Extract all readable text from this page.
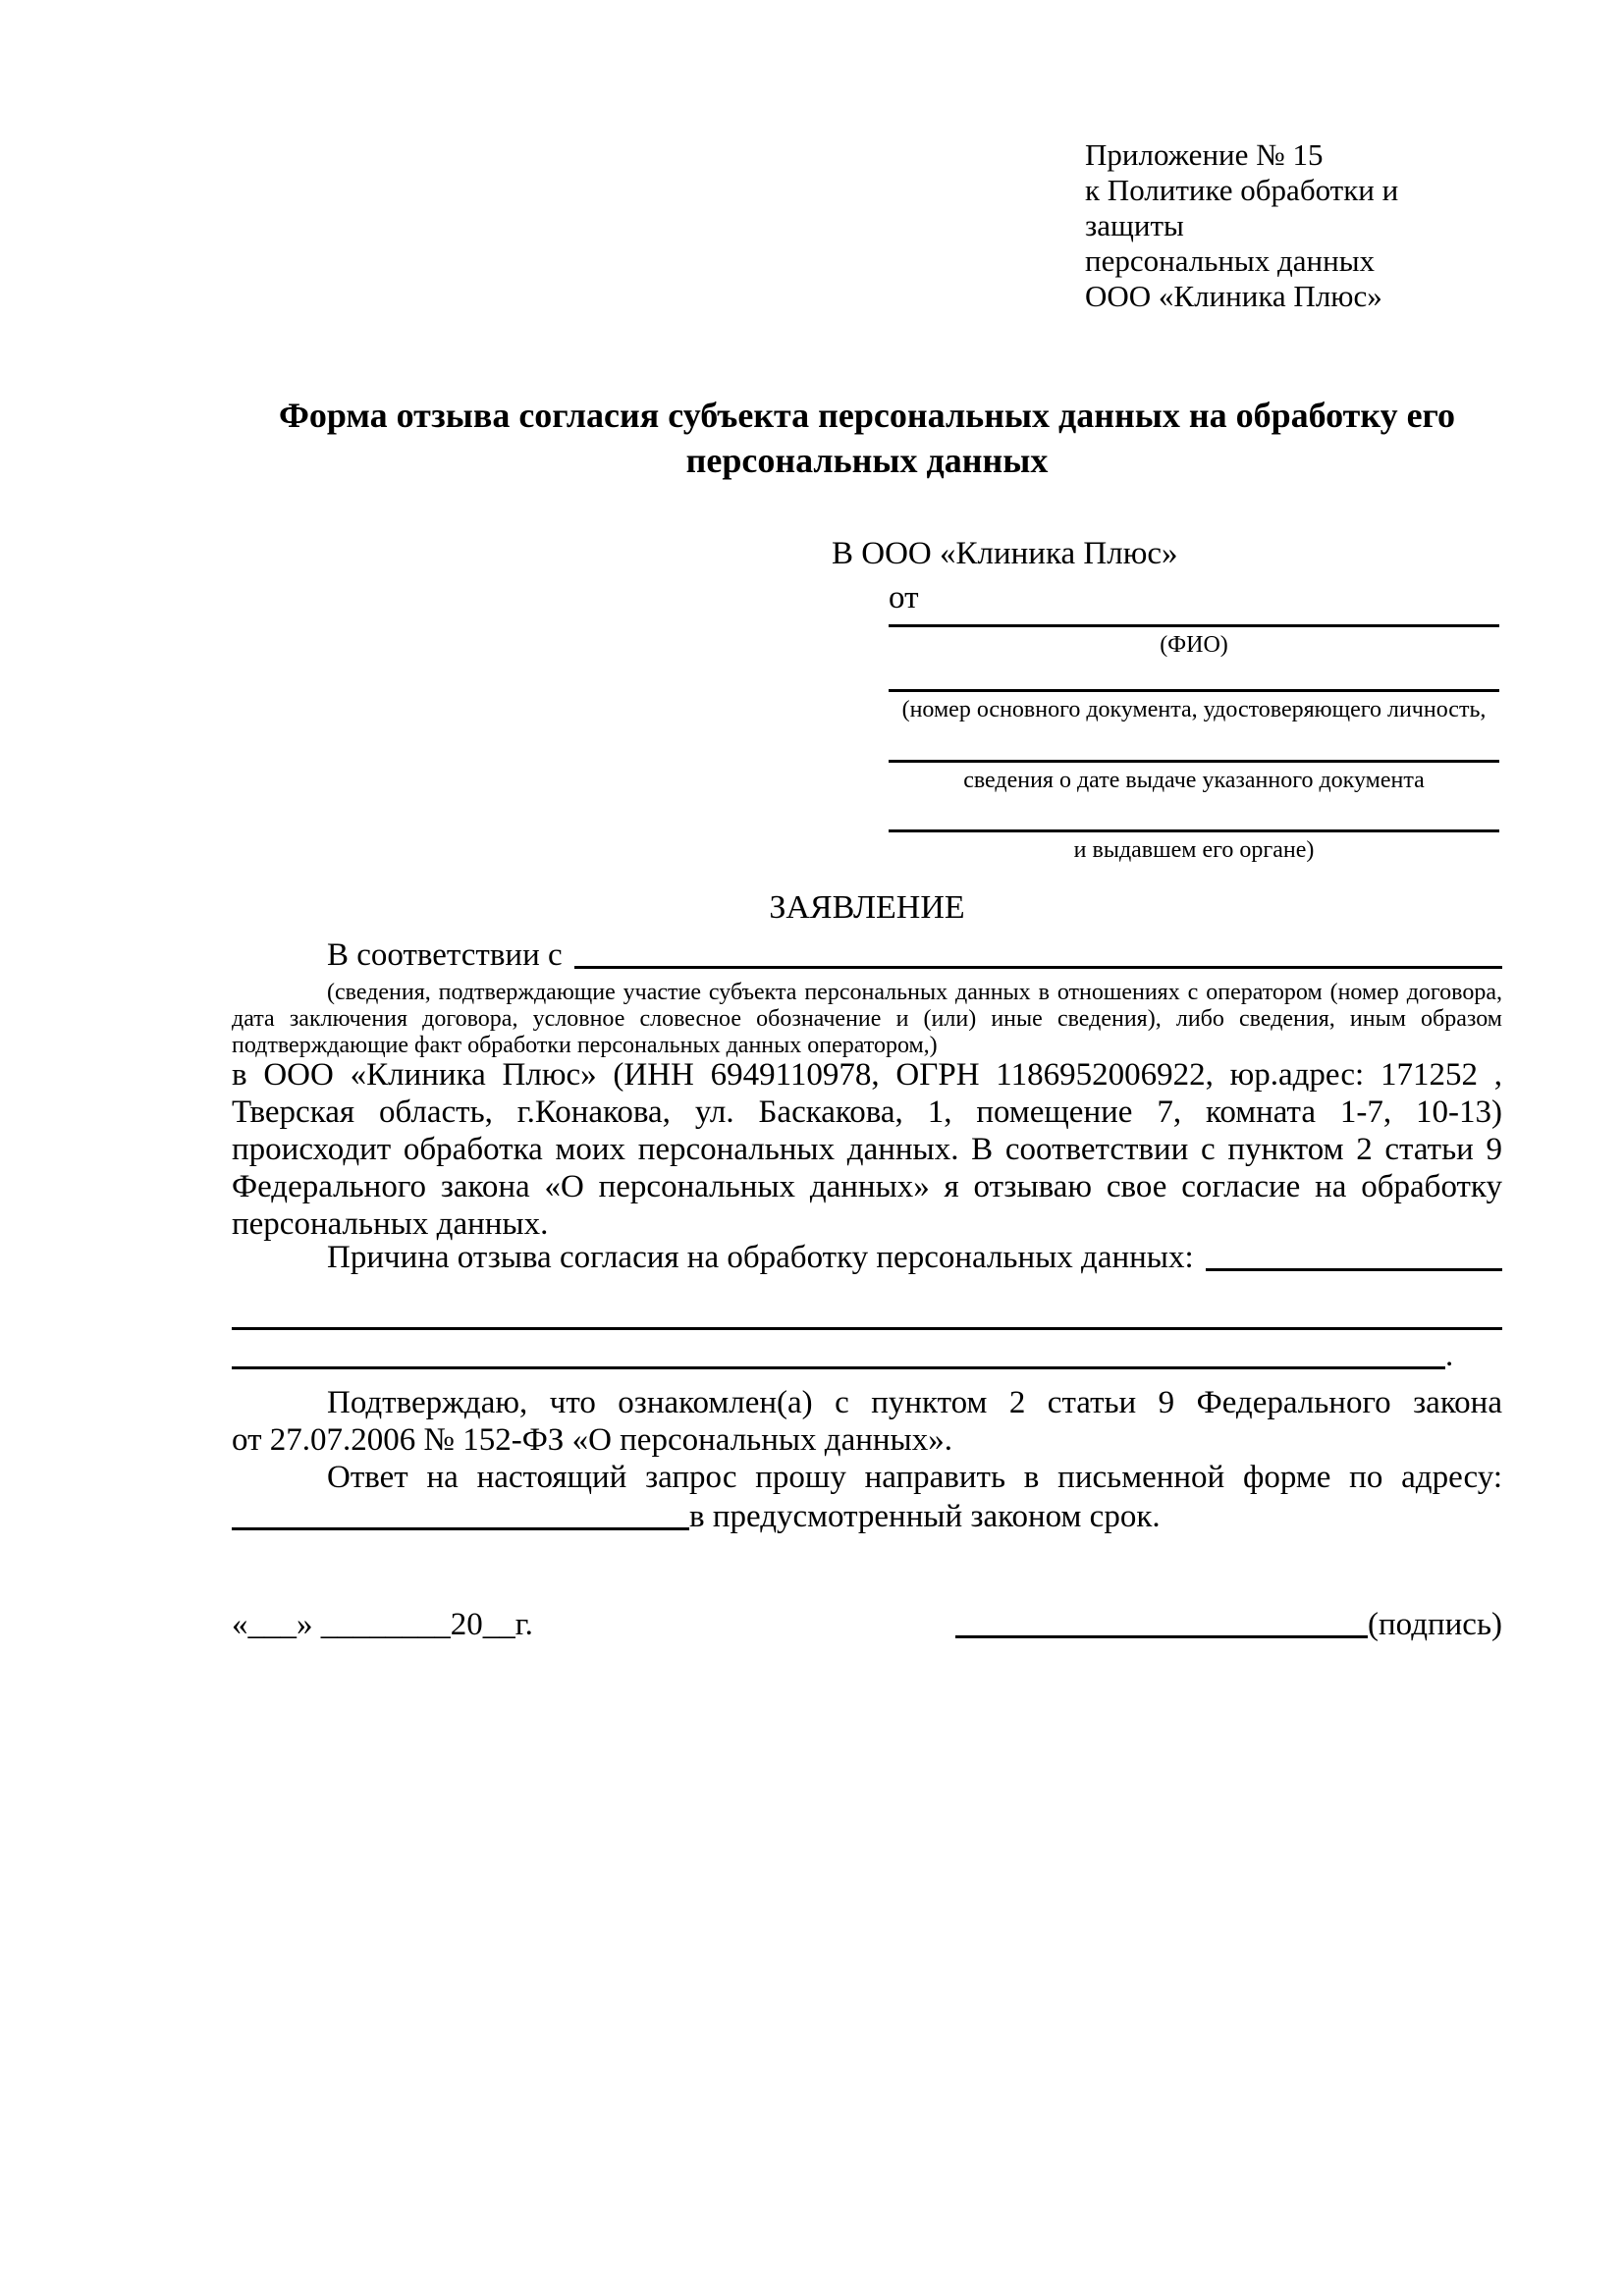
Приложение № 15
к Политике обработки и защиты
персональных данных
ООО «Клиника Плюс»
Форма отзыва согласия субъекта персональных данных на обработку его персональных данных
В ООО «Клиника Плюс»
от
(ФИО)
(номер основного документа, удостоверяющего личность,
сведения о дате выдаче указанного документа
и выдавшем его органе)
ЗАЯВЛЕНИЕ
В соответствии с
(сведения, подтверждающие участие субъекта персональных данных в отношениях с оператором (номер договора, дата заключения договора, условное словесное обозначение и (или) иные сведения), либо сведения, иным образом подтверждающие факт обработки персональных данных оператором,)
в ООО «Клиника Плюс» (ИНН 6949110978, ОГРН 1186952006922, юр.адрес: 171252 , Тверская область, г.Конакова, ул. Баскакова, 1, помещение 7, комната 1-7, 10-13) происходит обработка моих персональных данных. В соответствии с пунктом 2 статьи 9 Федерального закона «О персональных данных» я отзываю свое согласие на обработку персональных данных.
Причина отзыва согласия на обработку персональных данных:
.
Подтверждаю, что ознакомлен(а) с пунктом 2 статьи 9 Федерального закона
от 27.07.2006 № 152-ФЗ «О персональных данных».
Ответ на настоящий запрос прошу направить в письменной форме по адресу:
в предусмотренный законом срок.
«___» ________20__г.	(подпись)
